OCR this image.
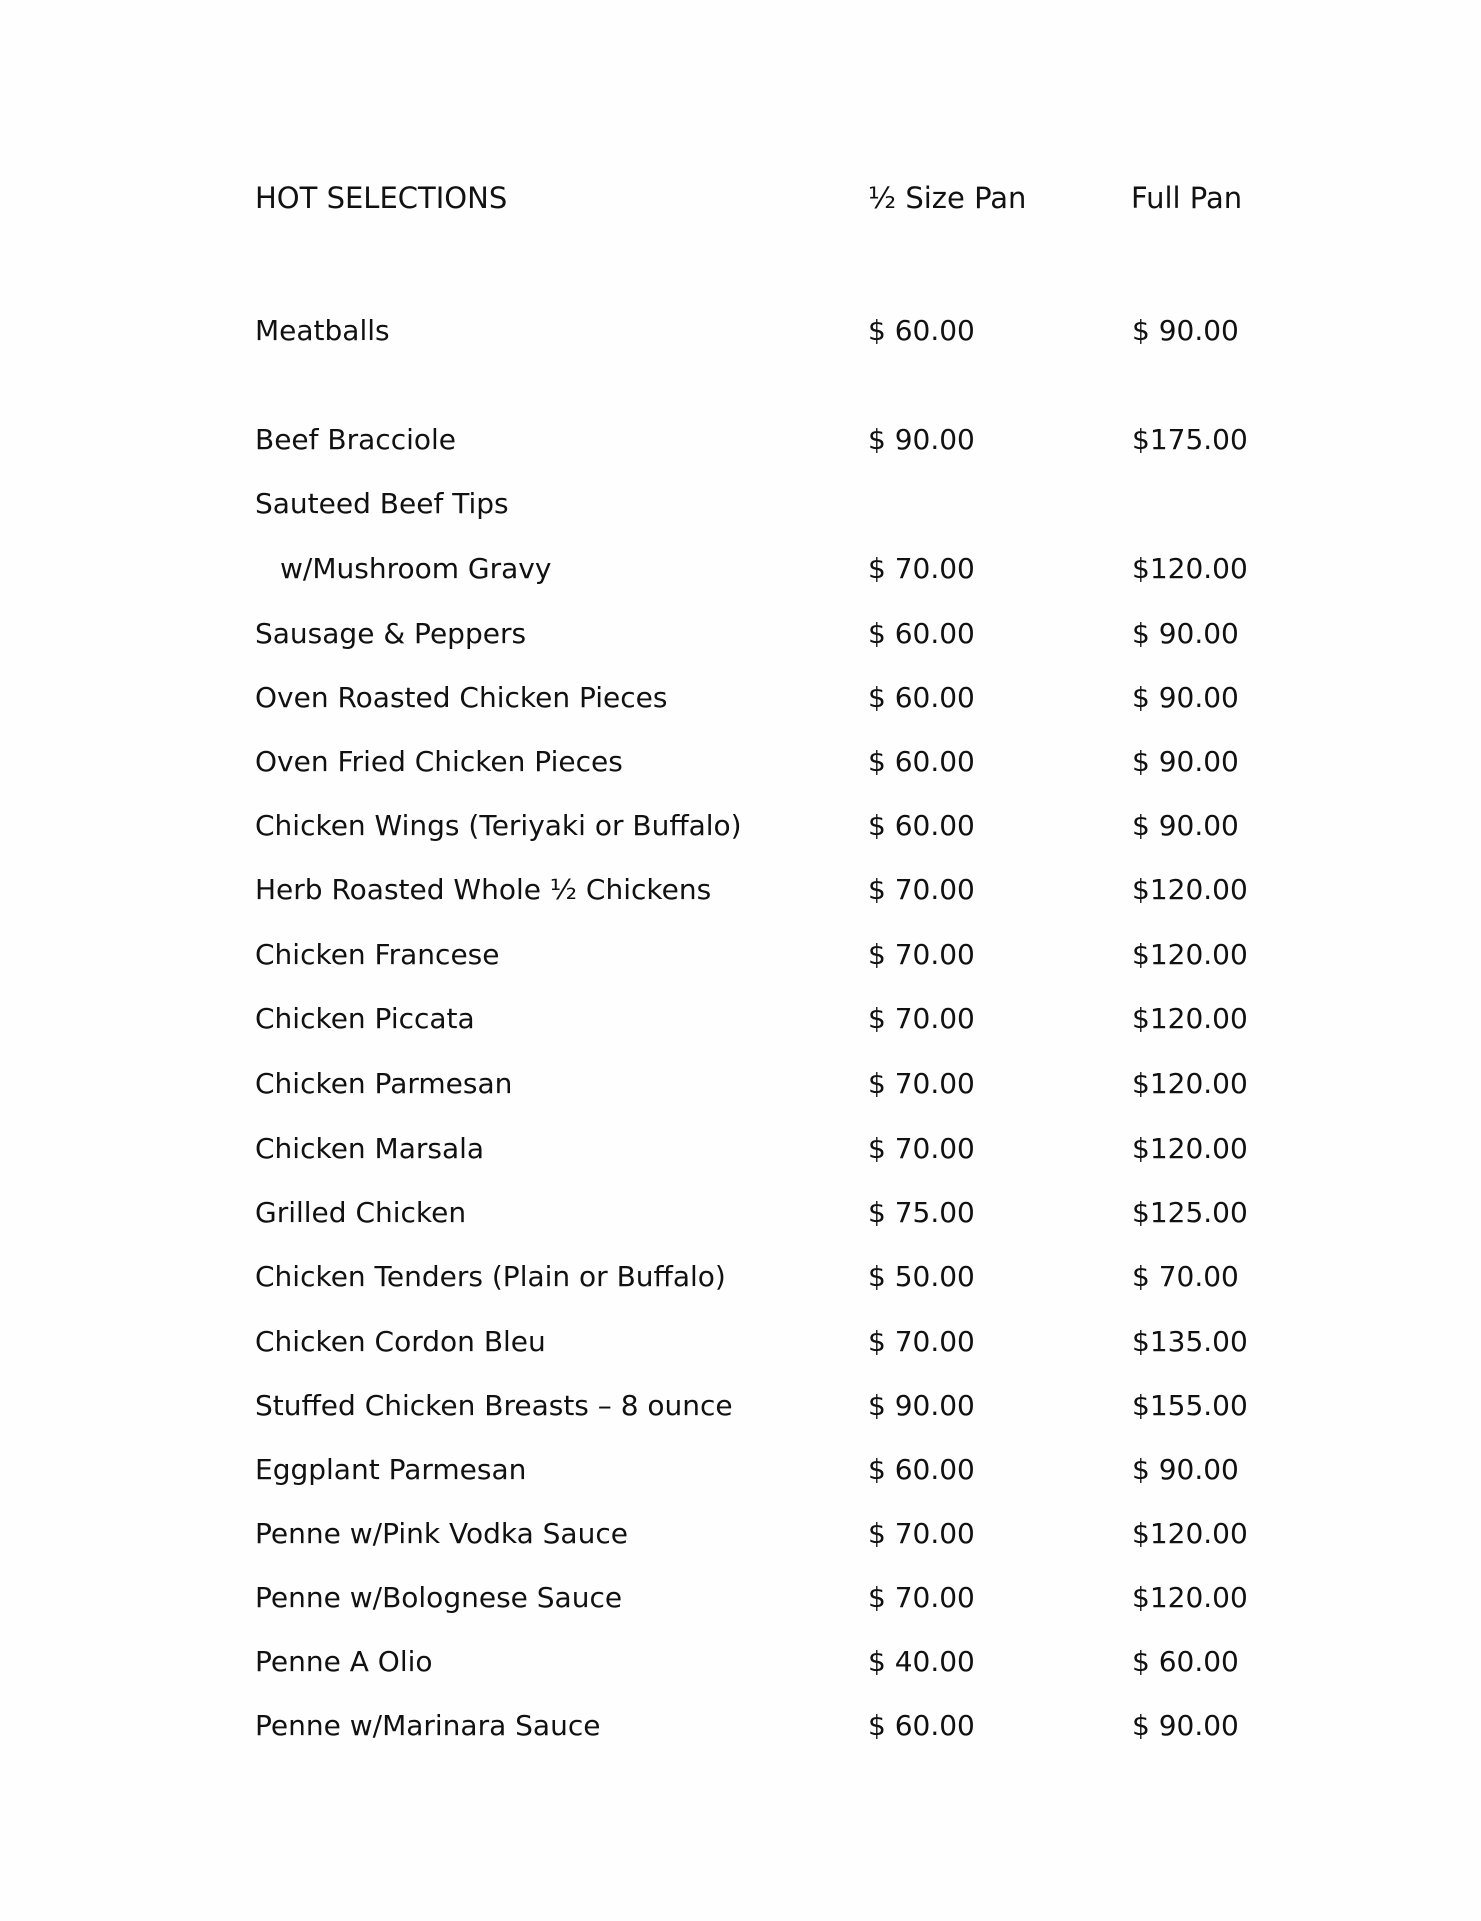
HOT SELECTIONS	½ Size Pan	Full Pan
Meatballs	$ 60.00	$ 90.00
Beef Bracciole	$ 90.00	$175.00
Sauteed Beef Tips
w/Mushroom Gravy	$ 70.00	$120.00
Sausage & Peppers	$ 60.00	$ 90.00
Oven Roasted Chicken Pieces	$ 60.00	$ 90.00
Oven Fried Chicken Pieces	$ 60.00	$ 90.00
Chicken Wings (Teriyaki or Buffalo)	$ 60.00	$ 90.00
Herb Roasted Whole ½ Chickens	$ 70.00	$120.00
Chicken Francese	$ 70.00	$120.00
Chicken Piccata	$ 70.00	$120.00
Chicken Parmesan	$ 70.00	$120.00
Chicken Marsala	$ 70.00	$120.00
Grilled Chicken	$ 75.00	$125.00
Chicken Tenders (Plain or Buffalo)	$ 50.00	$ 70.00
Chicken Cordon Bleu	$ 70.00	$135.00
Stuffed Chicken Breasts – 8 ounce	$ 90.00	$155.00
Eggplant Parmesan	$ 60.00	$ 90.00
Penne w/Pink Vodka Sauce	$ 70.00	$120.00
Penne w/Bolognese Sauce	$ 70.00	$120.00
Penne A Olio	$ 40.00	$ 60.00
Penne w/Marinara Sauce	$ 60.00	$ 90.00
